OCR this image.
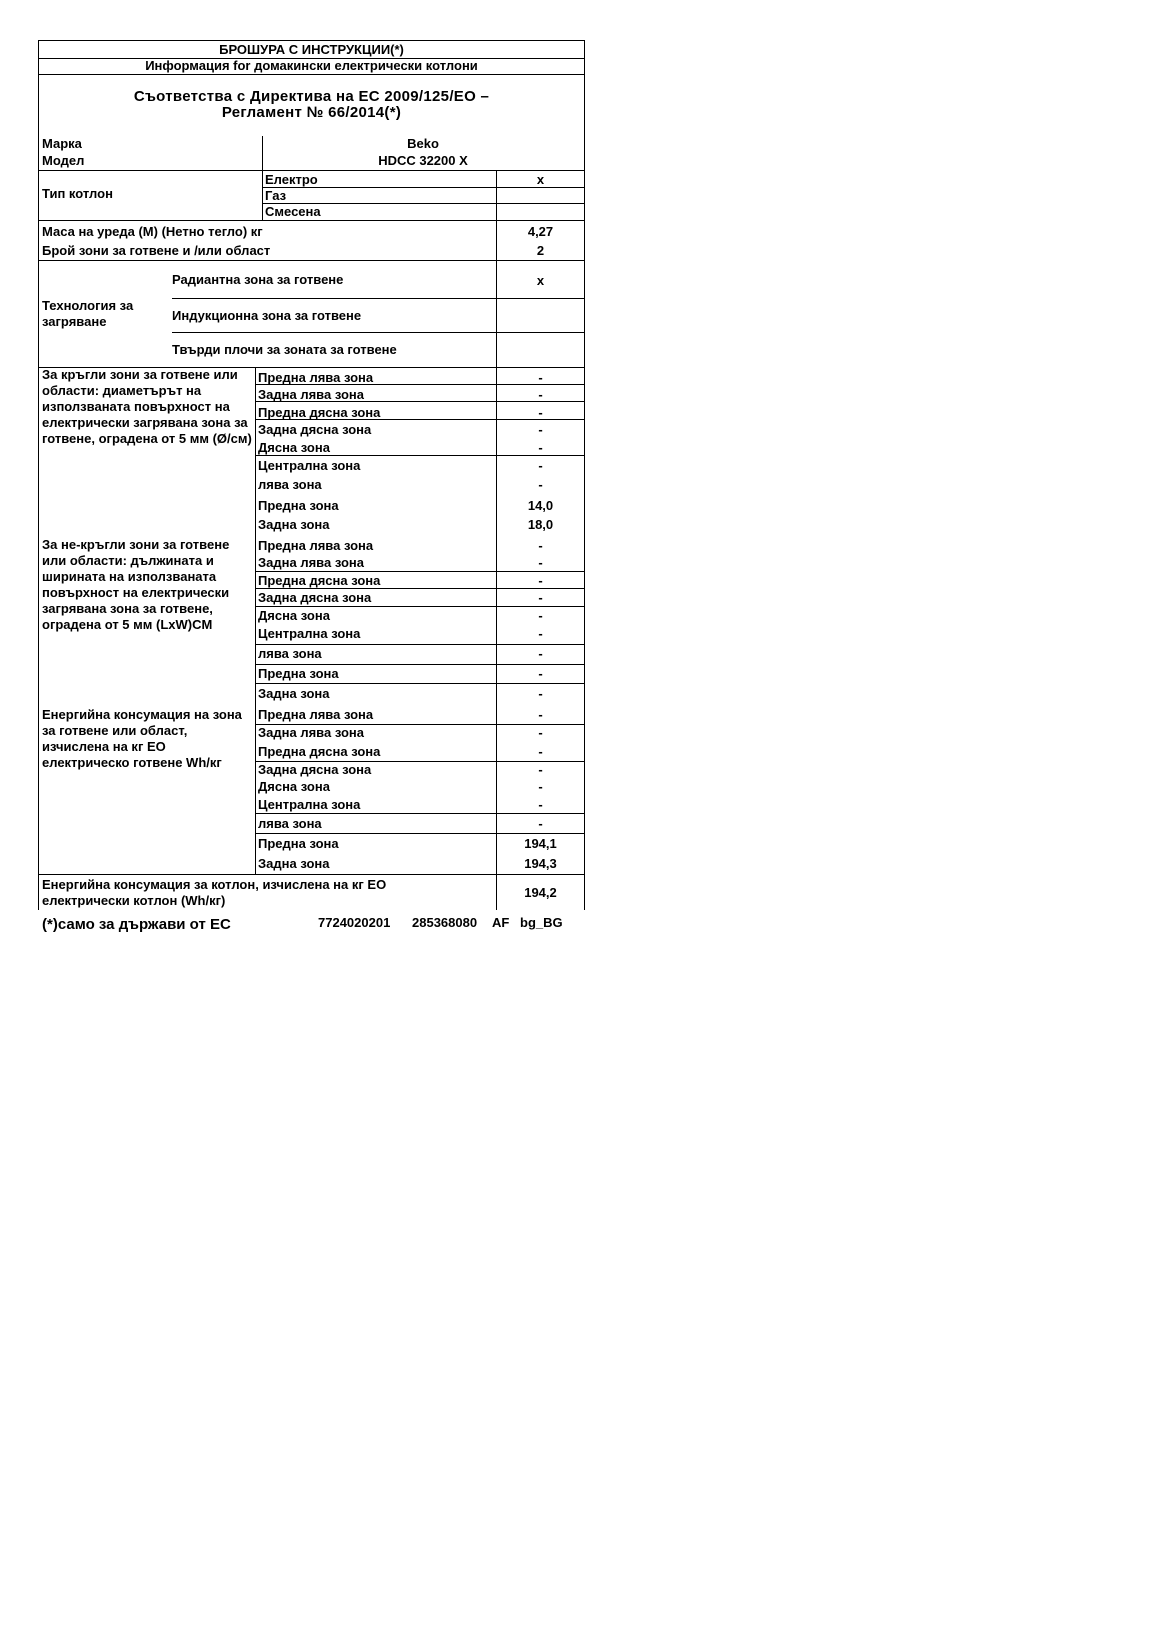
БРОШУРА С ИНСТРУКЦИИ(*)
Информация for домакински електрически котлони
Съответства с Директива на ЕС 2009/125/ЕО –
Регламент № 66/2014(*)
Марка	Beko
Модел	HDCC 32200 X
Тип котлон
Електро	x
Газ
Смесена
Маса на уреда (M) (Нетно тегло) кг	4,27
Брой зони за готвене и /или област	2
Технология за загряване
Радиантна зона за готвене	x
Индукционна зона за готвене
Твърди плочи за зоната за готвене
За кръгли зони за готвене или области: диаметърът на използваната повърхност на електрически загрявана зона за готвене, оградена от 5 мм (Ø/см)
Предна лява зона	-
Задна лява зона	-
Предна дясна зона	-
Задна дясна зона	-
Дясна зона	-
Централна зона	-
лява зона	-
Предна зона	14,0
Задна зона	18,0
За не-кръгли зони за готвене или области: дължината и ширината на използваната повърхност на електрически загрявана зона за готвене, оградена от 5 мм (LxW)CM
Предна лява зона	-
Задна лява зона	-
Предна дясна зона	-
Задна дясна зона	-
Дясна зона	-
Централна зона	-
лява зона	-
Предна зона	-
Задна зона	-
Енергийна консумация на зона за готвене или област, изчислена на кг ЕО електрическо готвене Wh/кг
Предна лява зона	-
Задна лява зона	-
Предна дясна зона	-
Задна дясна зона	-
Дясна зона	-
Централна зона	-
лява зона	-
Предна зона	194,1
Задна зона	194,3
Енергийна консумация за котлон, изчислена на кг ЕО
електрически котлон (Wh/кг)
194,2
(*)само за държави от ЕС	7724020201 285368080 AF bg_BG
